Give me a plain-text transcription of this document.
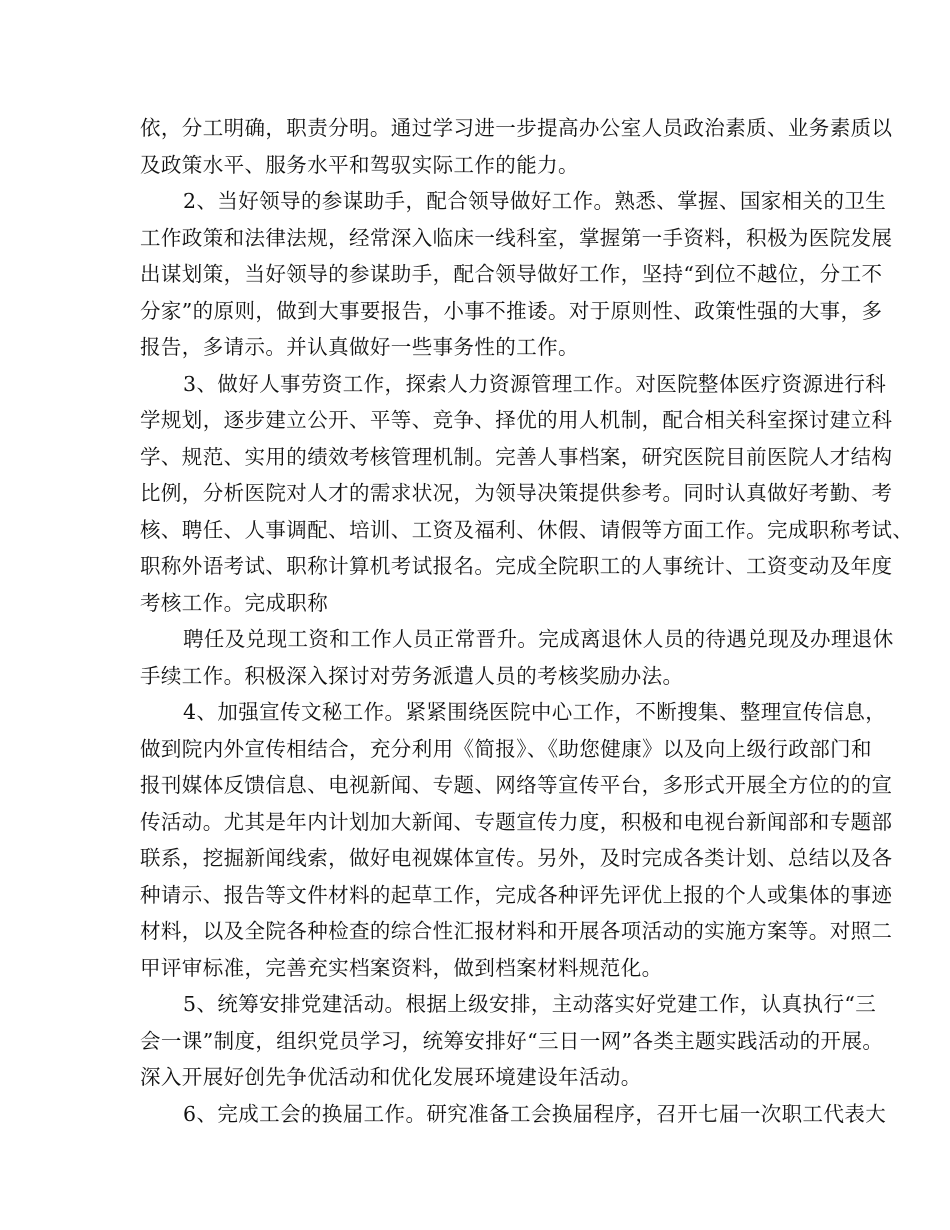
依，分工明确，职责分明。通过学习进一步提高办公室人员政治素质、业务素质以
及政策水平、服务水平和驾驭实际工作的能力。
2、当好领导的参谋助手，配合领导做好工作。熟悉、掌握、国家相关的卫生
工作政策和法律法规，经常深入临床一线科室，掌握第一手资料，积极为医院发展
出谋划策，当好领导的参谋助手，配合领导做好工作，坚持“到位不越位，分工不
分家”的原则，做到大事要报告，小事不推诿。对于原则性、政策性强的大事，多
报告，多请示。并认真做好一些事务性的工作。
3、做好人事劳资工作，探索人力资源管理工作。对医院整体医疗资源进行科
学规划，逐步建立公开、平等、竞争、择优的用人机制，配合相关科室探讨建立科
学、规范、实用的绩效考核管理机制。完善人事档案，研究医院目前医院人才结构
比例，分析医院对人才的需求状况，为领导决策提供参考。同时认真做好考勤、考
核、聘任、人事调配、培训、工资及福利、休假、请假等方面工作。完成职称考试、
职称外语考试、职称计算机考试报名。完成全院职工的人事统计、工资变动及年度
考核工作。完成职称
聘任及兑现工资和工作人员正常晋升。完成离退休人员的待遇兑现及办理退休
手续工作。积极深入探讨对劳务派遣人员的考核奖励办法。
4、加强宣传文秘工作。紧紧围绕医院中心工作，不断搜集、整理宣传信息，
做到院内外宣传相结合，充分利用《简报》、《助您健康》以及向上级行政部门和
报刊媒体反馈信息、电视新闻、专题、网络等宣传平台，多形式开展全方位的的宣
传活动。尤其是年内计划加大新闻、专题宣传力度，积极和电视台新闻部和专题部
联系，挖掘新闻线索，做好电视媒体宣传。另外，及时完成各类计划、总结以及各
种请示、报告等文件材料的起草工作，完成各种评先评优上报的个人或集体的事迹
材料，以及全院各种检查的综合性汇报材料和开展各项活动的实施方案等。对照二
甲评审标准，完善充实档案资料，做到档案材料规范化。
5、统筹安排党建活动。根据上级安排，主动落实好党建工作，认真执行“三
会一课”制度，组织党员学习，统筹安排好“三日一网”各类主题实践活动的开展。
深入开展好创先争优活动和优化发展环境建设年活动。
6、完成工会的换届工作。研究准备工会换届程序，召开七届一次职工代表大
